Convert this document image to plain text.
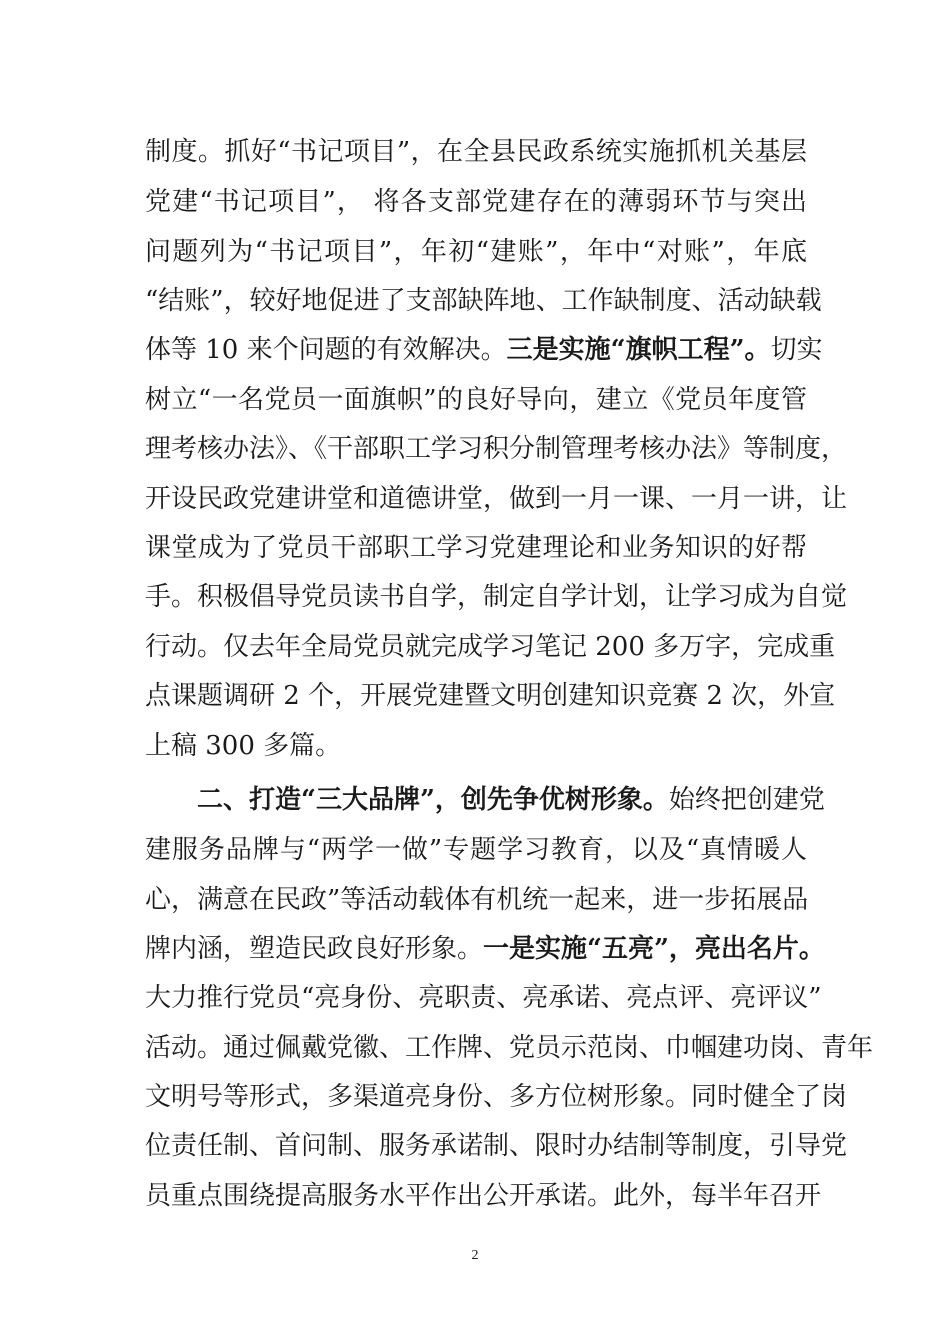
制度。抓好“书记项目”，在全县民政系统实施抓机关基层
党建“书记项目”， 将各支部党建存在的薄弱环节与突出
问题列为“书记项目”，年初“建账”，年中“对账”，年底
“结账”，较好地促进了支部缺阵地、工作缺制度、活动缺载
体等 10 来个问题的有效解决。三是实施“旗帜工程”。切实
树立“一名党员一面旗帜”的良好导向，建立《党员年度管
理考核办法》、《干部职工学习积分制管理考核办法》等制度，
开设民政党建讲堂和道德讲堂，做到一月一课、一月一讲，让
课堂成为了党员干部职工学习党建理论和业务知识的好帮
手。积极倡导党员读书自学，制定自学计划，让学习成为自觉
行动。仅去年全局党员就完成学习笔记 200 多万字，完成重
点课题调研 2 个，开展党建暨文明创建知识竞赛 2 次，外宣
上稿 300 多篇。
二、打造“三大品牌”，创先争优树形象。始终把创建党
建服务品牌与“两学一做”专题学习教育，以及“真情暖人
心，满意在民政”等活动载体有机统一起来，进一步拓展品
牌内涵，塑造民政良好形象。一是实施“五亮”，亮出名片。
大力推行党员“亮身份、亮职责、亮承诺、亮点评、亮评议”
活动。通过佩戴党徽、工作牌、党员示范岗、巾帼建功岗、青年
文明号等形式，多渠道亮身份、多方位树形象。同时健全了岗
位责任制、首问制、服务承诺制、限时办结制等制度，引导党
员重点围绕提高服务水平作出公开承诺。此外，每半年召开
2
